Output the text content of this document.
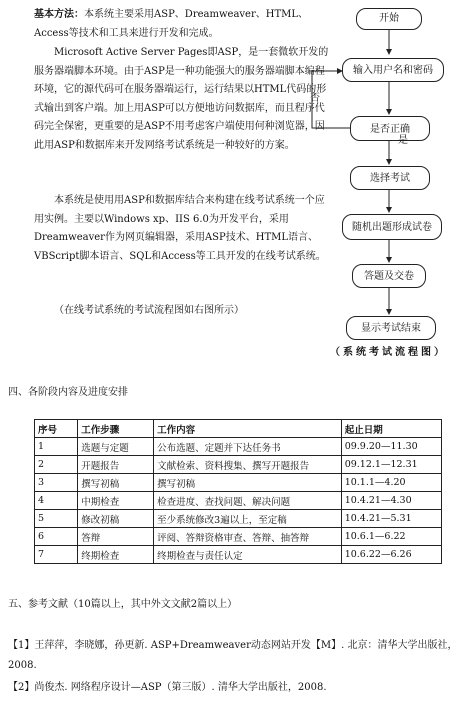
基本方法：本系统主要采用ASP、Dreamweaver、HTML、Access等技术和工具来进行开发和完成。

Microsoft Active Server Pages即ASP，是一套微软开发的服务器端脚本环境。由于ASP是一种功能强大的服务器端脚本编程环境，它的源代码可在服务器端运行，运行结果以HTML代码的形式输出到客户端。加上用ASP可以方便地访问数据库，而且程序代码完全保密，更重要的是ASP不用考虑客户端使用何种浏览器，因此用ASP和数据库来开发网络考试系统是一种较好的方案。
本系统是使用用ASP和数据库结合来构建在线考试系统一个应用实例。主要以Windows xp、IIS 6.0为开发平台，采用Dreamweaver作为网页编辑器，采用ASP技术、HTML语言、VBScript脚本语言、SQL和Access等工具开发的在线考试系统。
（在线考试系统的考试流程图如右图所示）
开始
输入用户名和密码
是否正确
否
是
选择考试
随机出题形成试卷
答题及交卷
显示考试结束
（系统考试流程图）
四、各阶段内容及进度安排
序号	工作步骤	工作内容	起止日期
1	选题与定题	公布选题、定题并下达任务书	09.9.20—11.30
2	开题报告	文献检索、资料搜集、撰写开题报告	09.12.1—12.31
3	撰写初稿	撰写初稿	10.1.1—4.20
4	中期检查	检查进度、查找问题、解决问题	10.4.21—4.30
5	修改初稿	至少系统修改3遍以上，至定稿	10.4.21—5.31
6	答辩	评阅、答辩资格审查、答辩、抽答辩	10.6.1—6.22
7	终期检查	终期检查与责任认定	10.6.22—6.26
五、参考文献（10篇以上，其中外文文献2篇以上）
【1】王萍萍，李晓娜，孙更新. ASP+Dreamweaver动态网站开发【M】. 北京：清华大学出版社，2008.
【2】尚俊杰. 网络程序设计—ASP（第三版）. 清华大学出版社，2008.
